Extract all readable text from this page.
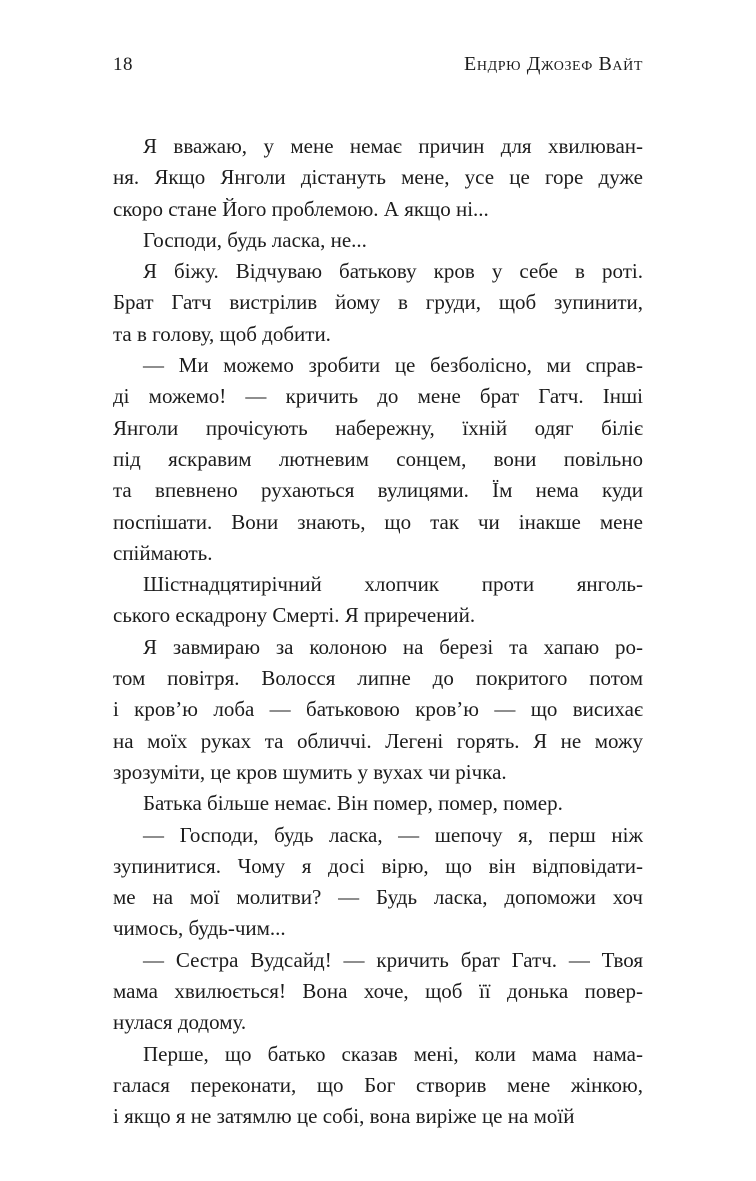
18	Ендрю Джозеф Вайт
Я вважаю, у мене немає причин для хвилюван-
ня. Якщо Янголи дістануть мене, усе це горе дуже
скоро стане Його проблемою. А якщо ні...
Господи, будь ласка, не...
Я біжу. Відчуваю батькову кров у себе в роті.
Брат Гатч вистрілив йому в груди, щоб зупинити,
та в голову, щоб добити.
— Ми можемо зробити це безболісно, ми справ-
ді можемо! — кричить до мене брат Гатч. Інші
Янголи прочісують набережну, їхній одяг біліє
під яскравим лютневим сонцем, вони повільно
та впевнено рухаються вулицями. Їм нема куди
поспішати. Вони знають, що так чи інакше мене
спіймають.
Шістнадцятирічний хлопчик проти янголь-
ського ескадрону Смерті. Я приречений.
Я завмираю за колоною на березі та хапаю ро-
том повітря. Волосся липне до покритого потом
і кров’ю лоба — батьковою кров’ю — що висихає
на моїх руках та обличчі. Легені горять. Я не можу
зрозуміти, це кров шумить у вухах чи річка.
Батька більше немає. Він помер, помер, помер.
— Господи, будь ласка, — шепочу я, перш ніж
зупинитися. Чому я досі вірю, що він відповідати-
ме на мої молитви? — Будь ласка, допоможи хоч
чимось, будь-чим...
— Сестра Вудсайд! — кричить брат Гатч. — Твоя
мама хвилюється! Вона хоче, щоб її донька повер-
нулася додому.
Перше, що батько сказав мені, коли мама нама-
галася переконати, що Бог створив мене жінкою,
і якщо я не затямлю це собі, вона виріже це на моїй
